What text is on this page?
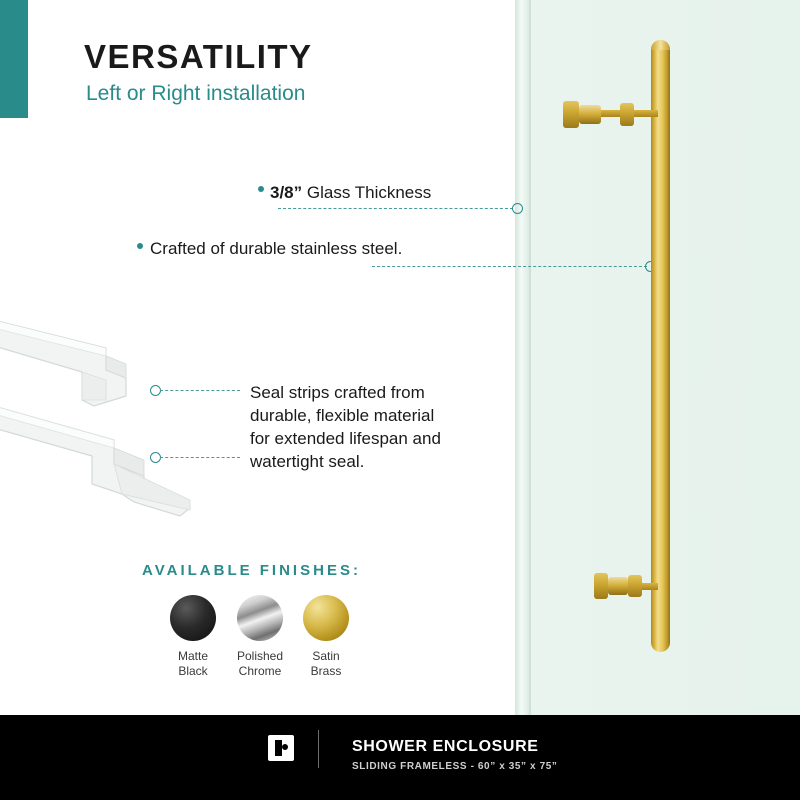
VERSATILITY
Left or Right installation
3/8” Glass Thickness
Crafted of durable stainless steel.
Seal strips crafted from
durable, flexible material
for extended lifespan and
watertight seal.
AVAILABLE FINISHES:
Matte
Black
Polished
Chrome
Satin
Brass
SHOWER ENCLOSURE
SLIDING FRAMELESS - 60” x 35” x 75”
